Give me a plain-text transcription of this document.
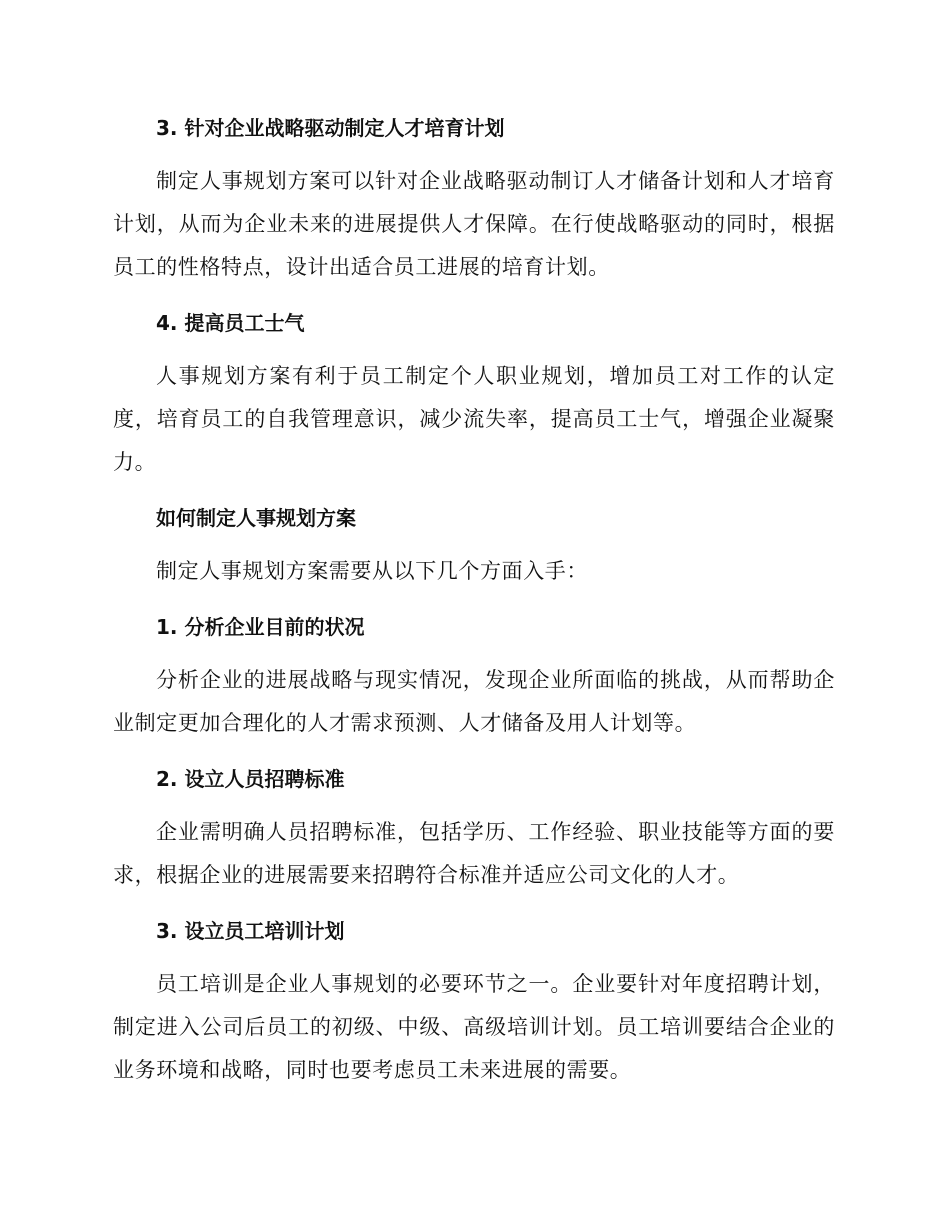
3. 针对企业战略驱动制定人才培育计划

制定人事规划方案可以针对企业战略驱动制订人才储备计划和人才培育计划，从而为企业未来的进展提供人才保障。在行使战略驱动的同时，根据员工的性格特点，设计出适合员工进展的培育计划。

4. 提高员工士气

人事规划方案有利于员工制定个人职业规划，增加员工对工作的认定度，培育员工的自我管理意识，减少流失率，提高员工士气，增强企业凝聚力。

如何制定人事规划方案

制定人事规划方案需要从以下几个方面入手：

1. 分析企业目前的状况

分析企业的进展战略与现实情况，发现企业所面临的挑战，从而帮助企业制定更加合理化的人才需求预测、人才储备及用人计划等。

2. 设立人员招聘标准

企业需明确人员招聘标准，包括学历、工作经验、职业技能等方面的要求，根据企业的进展需要来招聘符合标准并适应公司文化的人才。

3. 设立员工培训计划

员工培训是企业人事规划的必要环节之一。企业要针对年度招聘计划，制定进入公司后员工的初级、中级、高级培训计划。员工培训要结合企业的业务环境和战略，同时也要考虑员工未来进展的需要。
